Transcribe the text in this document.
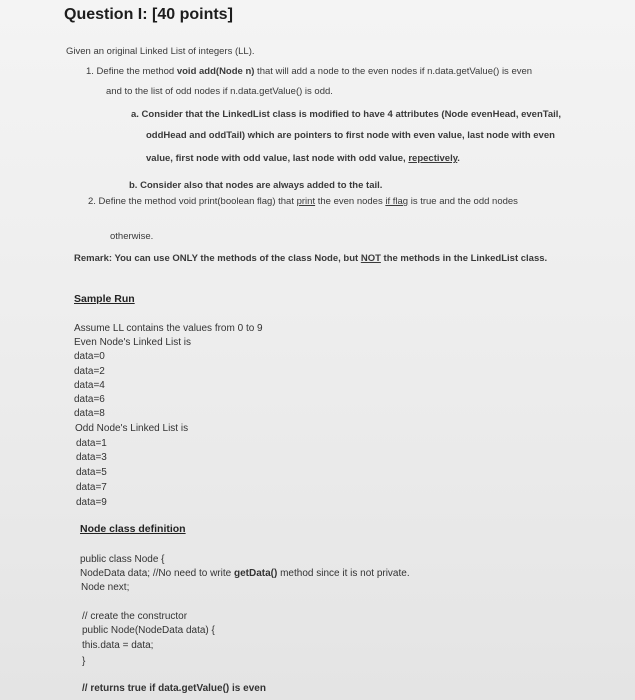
Question I: [40 points]
Given an original Linked List of integers (LL).
1. Define the method void add(Node n) that will add a node to the even nodes if n.data.getValue() is even
and to the list of odd nodes if n.data.getValue() is odd.
a. Consider that the LinkedList class is modified to have 4 attributes (Node evenHead, evenTail,
oddHead and oddTail) which are pointers to first node with even value, last node with even
value, first node with odd value, last node with odd value, repectively.
b. Consider also that nodes are always added to the tail.
2. Define the method void print(boolean flag) that print the even nodes if flag is true and the odd nodes
otherwise.
Remark: You can use ONLY the methods of the class Node, but NOT the methods in the LinkedList class.
Sample Run
Assume LL contains the values from 0 to 9
Even Node's Linked List is
data=0
data=2
data=4
data=6
data=8
Odd Node's Linked List is
data=1
data=3
data=5
data=7
data=9
Node class definition
public class Node {
NodeData data; //No need to write getData() method since it is not private.
Node next;
// create the constructor
public Node(NodeData data) {
this.data = data;
}
// returns true if data.getValue() is even
